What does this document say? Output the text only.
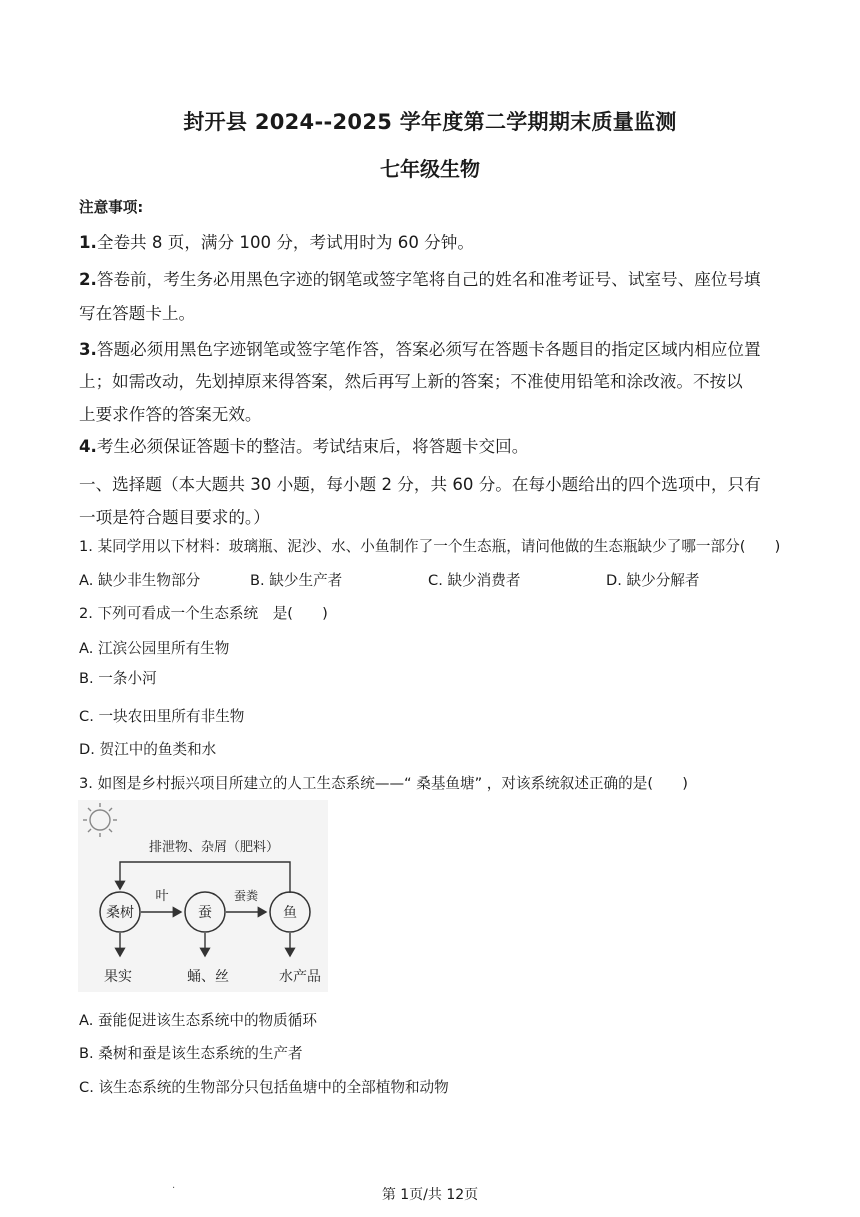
封开县 2024--2025 学年度第二学期期末质量监测
七年级生物
注意事项:
1.全卷共 8 页，满分 100 分，考试用时为 60 分钟。
2.答卷前，考生务必用黑色字迹的钢笔或签字笔将自己的姓名和准考证号、试室号、座位号填
写在答题卡上。
3.答题必须用黑色字迹钢笔或签字笔作答，答案必须写在答题卡各题目的指定区域内相应位置
上；如需改动，先划掉原来得答案，然后再写上新的答案；不准使用铅笔和涂改液。不按以
上要求作答的答案无效。
4.考生必须保证答题卡的整洁。考试结束后，将答题卡交回。
一、选择题（本大题共 30 小题，每小题 2 分，共 60 分。在每小题给出的四个选项中，只有
一项是符合题目要求的。）
1. 某同学用以下材料：玻璃瓶、泥沙、水、小鱼制作了一个生态瓶，请问他做的生态瓶缺少了哪一部分(　　)
A. 缺少非生物部分	B. 缺少生产者	C. 缺少消费者	D. 缺少分解者
2. 下列可看成一个生态系统　是(　　)
A. 江滨公园里所有生物
B. 一条小河
C. 一块农田里所有非生物
D. 贺江中的鱼类和水
3. 如图是乡村振兴项目所建立的人工生态系统——“ 桑基鱼塘” ，对该系统叙述正确的是(　　)
排泄物、杂屑（肥料）
桑树	蚕	鱼
叶	蚕粪
果实	蛹、丝	水产品
A. 蚕能促进该生态系统中的物质循环
B. 桑树和蚕是该生态系统的生产者
C. 该生态系统的生物部分只包括鱼塘中的全部植物和动物
.
第 1页/共 12页
